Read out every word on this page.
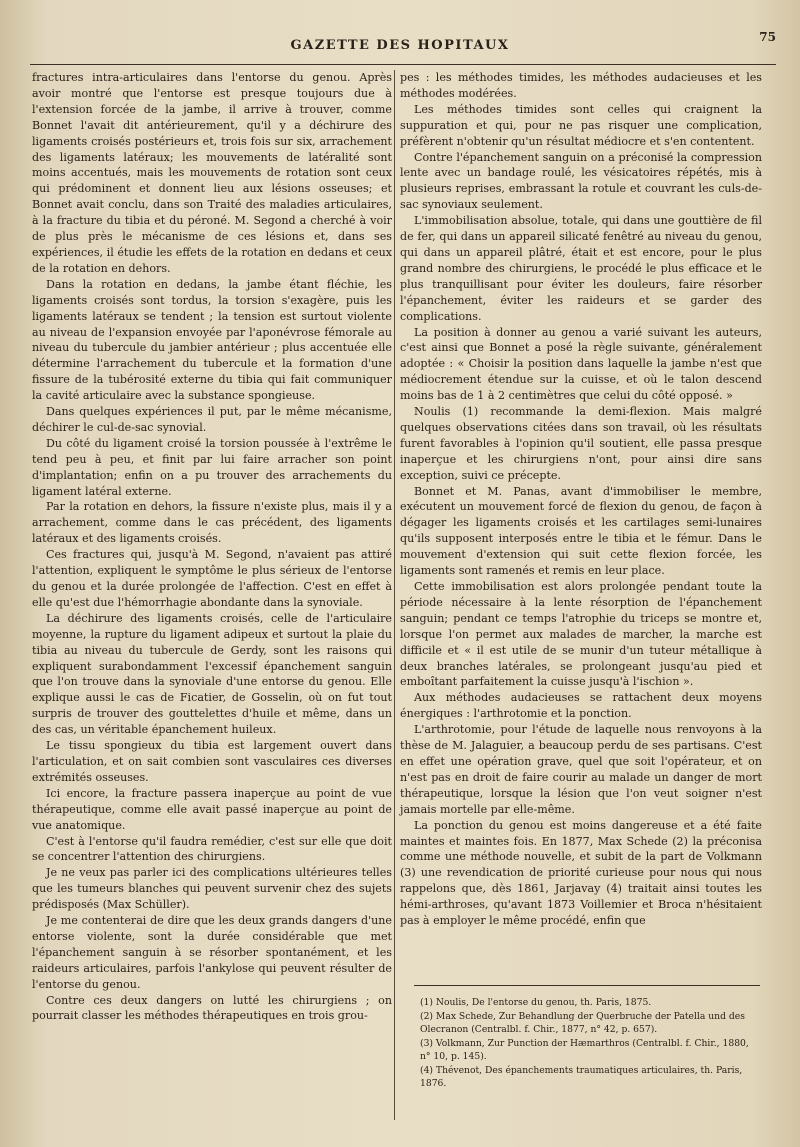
GAZETTE DES HOPITAUX
75

fractures intra-articulaires dans l'entorse du genou. Après avoir montré que l'entorse est presque toujours due à l'extension forcée de la jambe, il arrive à trouver, comme Bonnet l'avait dit antérieurement, qu'il y a déchirure des ligaments croisés postérieurs et, trois fois sur six, arrachement des ligaments latéraux; les mouvements de latéralité sont moins accentués, mais les mouvements de rotation sont ceux qui prédominent et donnent lieu aux lésions osseuses; et Bonnet avait conclu, dans son Traité des maladies articulaires, à la fracture du tibia et du péroné. M. Segond a cherché à voir de plus près le mécanisme de ces lésions et, dans ses expériences, il étudie les effets de la rotation en dedans et ceux de la rotation en dehors.

Dans la rotation en dedans, la jambe étant fléchie, les ligaments croisés sont tordus, la torsion s'exagère, puis les ligaments latéraux se tendent ; la tension est surtout violente au niveau de l'expansion envoyée par l'aponévrose fémorale au niveau du tubercule du jambier antérieur ; plus accentuée elle détermine l'arrachement du tubercule et la formation d'une fissure de la tubérosité externe du tibia qui fait communiquer la cavité articulaire avec la substance spongieuse.

Dans quelques expériences il put, par le même mécanisme, déchirer le cul-de-sac synovial.

Du côté du ligament croisé la torsion poussée à l'extrême le tend peu à peu, et finit par lui faire arracher son point d'implantation; enfin on a pu trouver des arrachements du ligament latéral externe.

Par la rotation en dehors, la fissure n'existe plus, mais il y a arrachement, comme dans le cas précédent, des ligaments latéraux et des ligaments croisés.

Ces fractures qui, jusqu'à M. Segond, n'avaient pas attiré l'attention, expliquent le symptôme le plus sérieux de l'entorse du genou et la durée prolongée de l'affection. C'est en effet à elle qu'est due l'hémorrhagie abondante dans la synoviale.

La déchirure des ligaments croisés, celle de l'articulaire moyenne, la rupture du ligament adipeux et surtout la plaie du tibia au niveau du tubercule de Gerdy, sont les raisons qui expliquent surabondamment l'excessif épanchement sanguin que l'on trouve dans la synoviale d'une entorse du genou. Elle explique aussi le cas de Ficatier, de Gosselin, où on fut tout surpris de trouver des gouttelettes d'huile et même, dans un des cas, un véritable épanchement huileux.

Le tissu spongieux du tibia est largement ouvert dans l'articulation, et on sait combien sont vasculaires ces diverses extrémités osseuses.

Ici encore, la fracture passera inaperçue au point de vue thérapeutique, comme elle avait passé inaperçue au point de vue anatomique.

C'est à l'entorse qu'il faudra remédier, c'est sur elle que doit se concentrer l'attention des chirurgiens.

Je ne veux pas parler ici des complications ultérieures telles que les tumeurs blanches qui peuvent survenir chez des sujets prédisposés (Max Schüller).

Je me contenterai de dire que les deux grands dangers d'une entorse violente, sont la durée considérable que met l'épanchement sanguin à se résorber spontanément, et les raideurs articulaires, parfois l'ankylose qui peuvent résulter de l'entorse du genou.

Contre ces deux dangers on lutté les chirurgiens ; on pourrait classer les méthodes thérapeutiques en trois grou-

pes : les méthodes timides, les méthodes audacieuses et les méthodes modérées.

Les méthodes timides sont celles qui craignent la suppuration et qui, pour ne pas risquer une complication, préfèrent n'obtenir qu'un résultat médiocre et s'en contentent.

Contre l'épanchement sanguin on a préconisé la compression lente avec un bandage roulé, les vésicatoires répétés, mis à plusieurs reprises, embrassant la rotule et couvrant les culs-de-sac synoviaux seulement.

L'immobilisation absolue, totale, qui dans une gouttière de fil de fer, qui dans un appareil silicaté fenêtré au niveau du genou, qui dans un appareil plâtré, était et est encore, pour le plus grand nombre des chirurgiens, le procédé le plus efficace et le plus tranquillisant pour éviter les douleurs, faire résorber l'épanchement, éviter les raideurs et se garder des complications.

La position à donner au genou a varié suivant les auteurs, c'est ainsi que Bonnet a posé la règle suivante, généralement adoptée : « Choisir la position dans laquelle la jambe n'est que médiocrement étendue sur la cuisse, et où le talon descend moins bas de 1 à 2 centimètres que celui du côté opposé. »

Noulis (1) recommande la demi-flexion. Mais malgré quelques observations citées dans son travail, où les résultats furent favorables à l'opinion qu'il soutient, elle passa presque inaperçue et les chirurgiens n'ont, pour ainsi dire sans exception, suivi ce précepte.

Bonnet et M. Panas, avant d'immobiliser le membre, exécutent un mouvement forcé de flexion du genou, de façon à dégager les ligaments croisés et les cartilages semi-lunaires qu'ils supposent interposés entre le tibia et le fémur. Dans le mouvement d'extension qui suit cette flexion forcée, les ligaments sont ramenés et remis en leur place.

Cette immobilisation est alors prolongée pendant toute la période nécessaire à la lente résorption de l'épanchement sanguin; pendant ce temps l'atrophie du triceps se montre et, lorsque l'on permet aux malades de marcher, la marche est difficile et « il est utile de se munir d'un tuteur métallique à deux branches latérales, se prolongeant jusqu'au pied et emboîtant parfaitement la cuisse jusqu'à l'ischion ».

Aux méthodes audacieuses se rattachent deux moyens énergiques : l'arthrotomie et la ponction.

L'arthrotomie, pour l'étude de laquelle nous renvoyons à la thèse de M. Jalaguier, a beaucoup perdu de ses partisans. C'est en effet une opération grave, quel que soit l'opérateur, et on n'est pas en droit de faire courir au malade un danger de mort thérapeutique, lorsque la lésion que l'on veut soigner n'est jamais mortelle par elle-même.

La ponction du genou est moins dangereuse et a été faite maintes et maintes fois. En 1877, Max Schede (2) la préconisa comme une méthode nouvelle, et subit de la part de Volkmann (3) une revendication de priorité curieuse pour nous qui nous rappelons que, dès 1861, Jarjavay (4) traitait ainsi toutes les hémi-arthroses, qu'avant 1873 Voillemier et Broca n'hésitaient pas à employer le même procédé, enfin que

(1) Noulis, De l'entorse du genou, th. Paris, 1875.
(2) Max Schede, Zur Behandlung der Querbruche der Patella und des Olecranon (Centralbl. f. Chir., 1877, n° 42, p. 657).
(3) Volkmann, Zur Punction der Hæmarthros (Centralbl. f. Chir., 1880, n° 10, p. 145).
(4) Thévenot, Des épanchements traumatiques articulaires, th. Paris, 1876.
